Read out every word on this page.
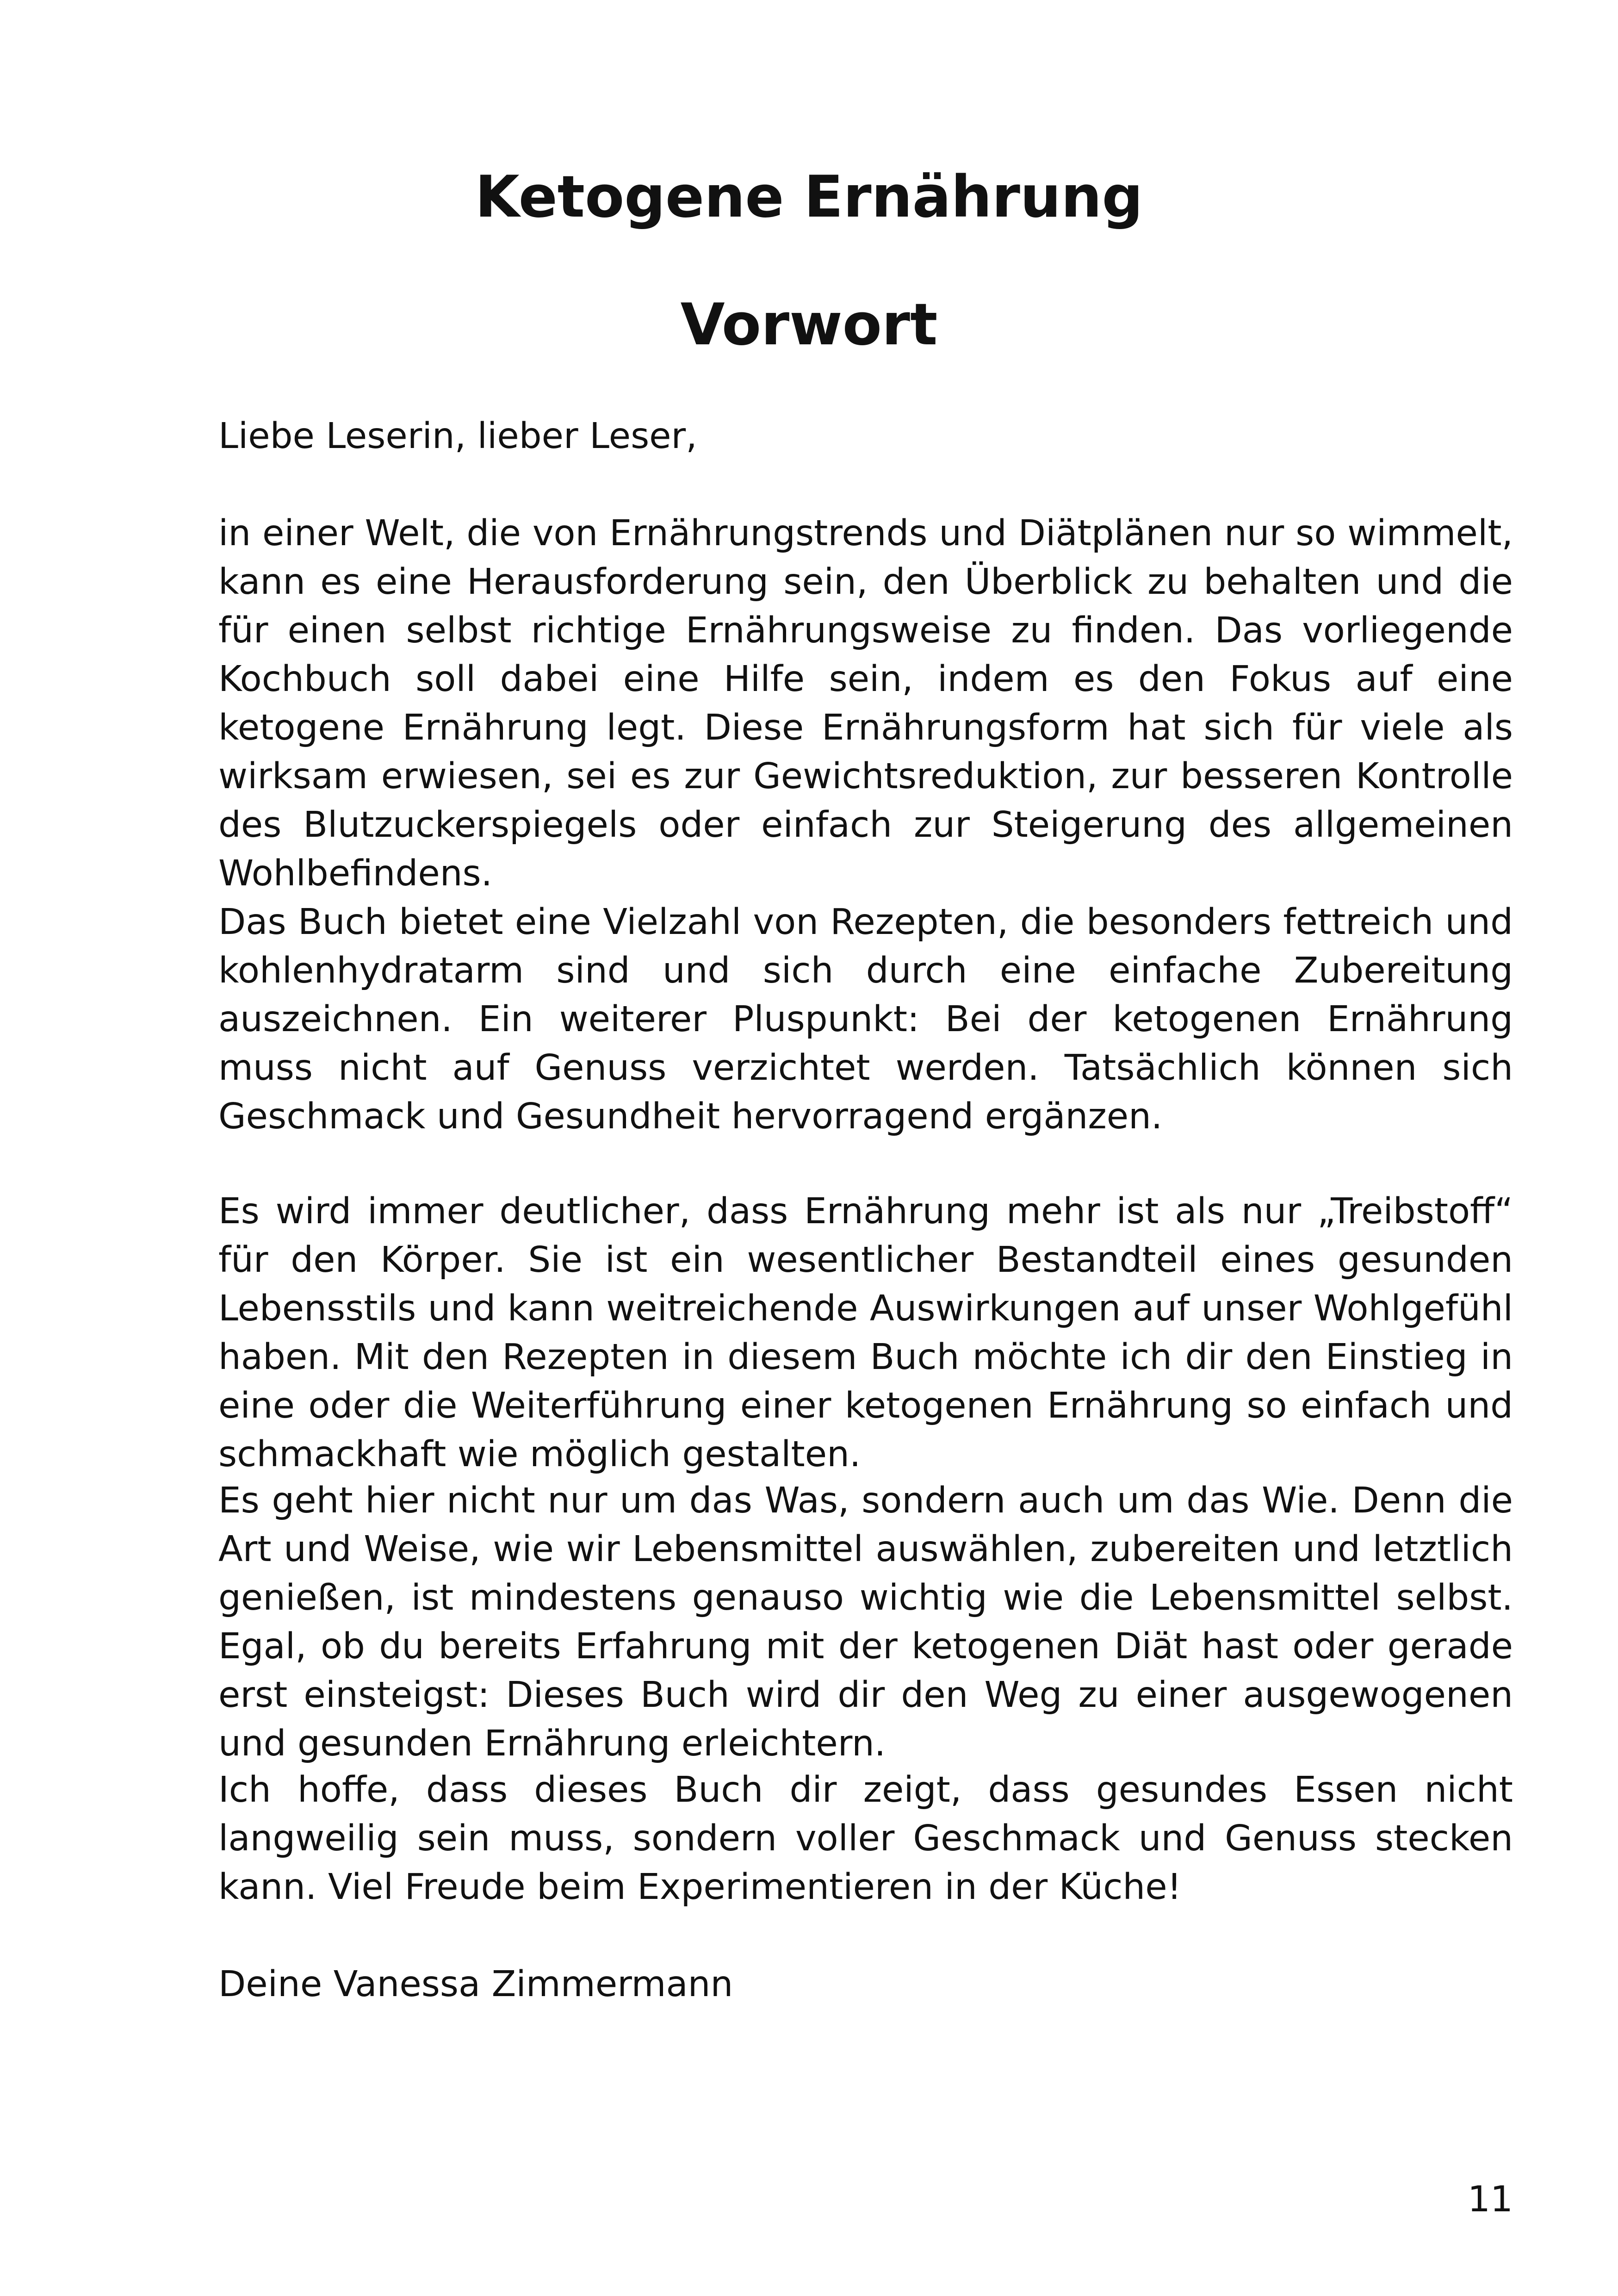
Ketogene Ernährung
Vorwort

Liebe Leserin, lieber Leser,

in einer Welt, die von Ernährungstrends und Diätplänen nur so wimmelt, kann es eine Herausforderung sein, den Überblick zu behalten und die für einen selbst richtige Ernährungsweise zu finden. Das vorliegende Kochbuch soll dabei eine Hilfe sein, indem es den Fokus auf eine ketogene Ernährung legt. Diese Ernährungsform hat sich für viele als wirksam erwiesen, sei es zur Gewichtsreduktion, zur besseren Kontrolle des Blutzuckerspiegels oder einfach zur Steigerung des allgemeinen Wohlbefindens.

Das Buch bietet eine Vielzahl von Rezepten, die besonders fettreich und kohlenhydratarm sind und sich durch eine einfache Zubereitung auszeichnen. Ein weiterer Pluspunkt: Bei der ketogenen Ernährung muss nicht auf Genuss verzichtet werden. Tatsächlich können sich Geschmack und Gesundheit hervorragend ergänzen.

Es wird immer deutlicher, dass Ernährung mehr ist als nur „Treibstoff“ für den Körper. Sie ist ein wesentlicher Bestandteil eines gesunden Lebensstils und kann weitreichende Auswirkungen auf unser Wohlgefühl haben. Mit den Rezepten in diesem Buch möchte ich dir den Einstieg in eine oder die Weiterführung einer ketogenen Ernährung so einfach und schmackhaft wie möglich gestalten.

Es geht hier nicht nur um das Was, sondern auch um das Wie. Denn die Art und Weise, wie wir Lebensmittel auswählen, zubereiten und letztlich genießen, ist mindestens genauso wichtig wie die Lebensmittel selbst. Egal, ob du bereits Erfahrung mit der ketogenen Diät hast oder gerade erst einsteigst: Dieses Buch wird dir den Weg zu einer ausgewogenen und gesunden Ernährung erleichtern.

Ich hoffe, dass dieses Buch dir zeigt, dass gesundes Essen nicht langweilig sein muss, sondern voller Geschmack und Genuss stecken kann. Viel Freude beim Experimentieren in der Küche!

Deine Vanessa Zimmermann

11
